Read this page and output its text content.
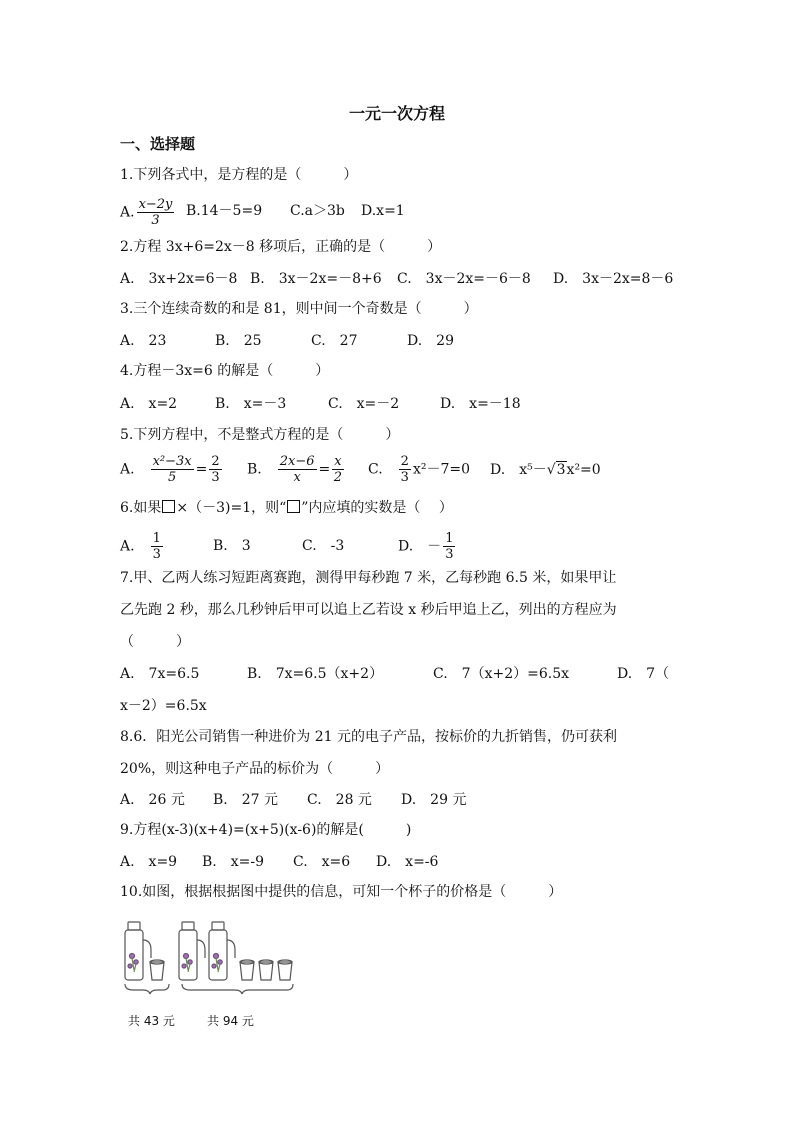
一元一次方程
一、选择题
1.下列各式中，是方程的是（　　　）
A. $\frac{x-2y}{3} B.14-5=9$ C.a＞3b D.x=1
2.方程 3x+6=2x－8 移项后，正确的是（　　　）
A.　3x+2x=6－8 B.　3x－2x=－8+6 C.　3x－2x=－6－8 D.　3x－2x=8－6
3.三个连续奇数的和是 81，则中间一个奇数是（　　　）
A.　23	B.　25	C.　27	D.　29
4.方程－3x=6 的解是（　　　）
A.　x=2	B.　x=－3	C.　x=－2	D.　x=－18
5.下列方程中，不是整式方程的是（　　　）
A.　 $\frac{\text{x²−3x}}{5} = \frac{2}{3} B$.　 $\frac{2x-6}{x} = \frac{x}{2} C$.　 $\frac{2}{3} x^2-7=0$ D.　 x⁵－√3x²=0
6.如果 ×（－3)=1，则“ ”内应填的实数是（　 ）
A.　 $\frac{1}{3}$	B.　3	C.　-3	D.　－ $\frac{1}{3}$
7.甲、乙两人练习短距离赛跑，测得甲每秒跑 7 米，乙每秒跑 6.5 米，如果甲让
乙先跑 2 秒，那么几秒钟后甲可以追上乙若设 x 秒后甲追上乙，列出的方程应为
（　　　）
A.　7x=6.5	B.　7x=6.5（x+2）	C.　7（x+2）=6.5x	D.　7（
x－2）=6.5x
8.6．阳光公司销售一种进价为 21 元的电子产品，按标价的九折销售，仍可获利
20%，则这种电子产品的标价为（　　　）
A.　26 元 B.　27 元 C.　28 元 D.　29 元
9.方程(x-3)(x+4)=(x+5)(x-6)的解是(　　　)
A.　x=9 B.　x=-9 C.　x=6 D.　x=-6
10.如图，根据根据图中提供的信息，可知一个杯子的价格是（　　　）
共 43 元	共 94 元
